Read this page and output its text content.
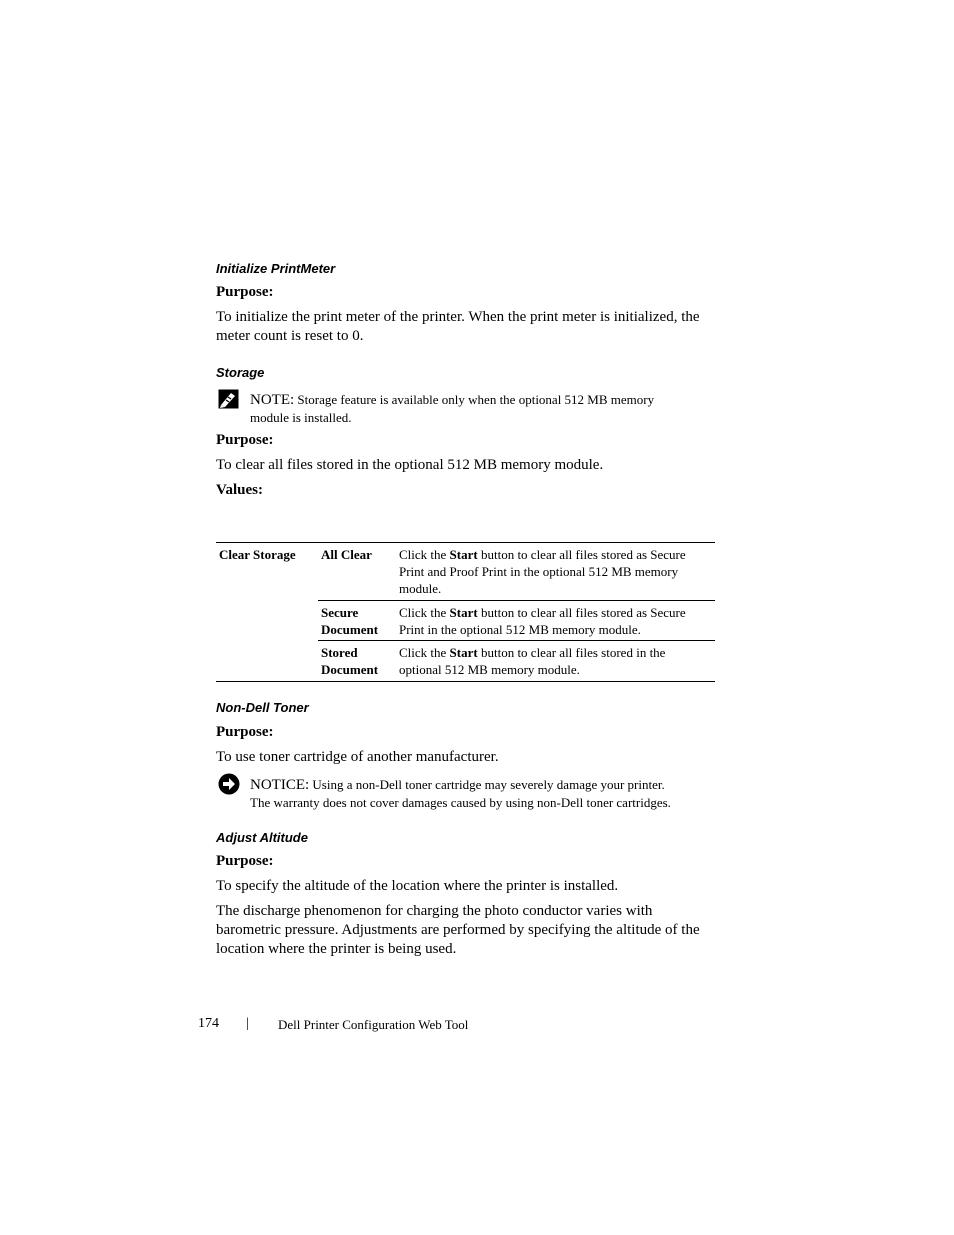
Initialize PrintMeter
Purpose:
To initialize the print meter of the printer. When the print meter is initialized, the
meter count is reset to 0.
Storage
NOTE: Storage feature is available only when the optional 512 MB memory
module is installed.
Purpose:
To clear all files stored in the optional 512 MB memory module.
Values:
Clear Storage All Clear Click the Start button to clear all files stored as Secure
Print and Proof Print in the optional 512 MB memory
module.
Secure
Document
Click the Start button to clear all files stored as Secure
Print in the optional 512 MB memory module.
Stored
Document
Click the Start button to clear all files stored in the
optional 512 MB memory module.
Non-Dell Toner
Purpose:
To use toner cartridge of another manufacturer.
NOTICE: Using a non-Dell toner cartridge may severely damage your printer.
The warranty does not cover damages caused by using non-Dell toner cartridges.
Adjust Altitude
Purpose:
To specify the altitude of the location where the printer is installed.
The discharge phenomenon for charging the photo conductor varies with
barometric pressure. Adjustments are performed by specifying the altitude of the
location where the printer is being used.
174 | Dell Printer Configuration Web Tool
